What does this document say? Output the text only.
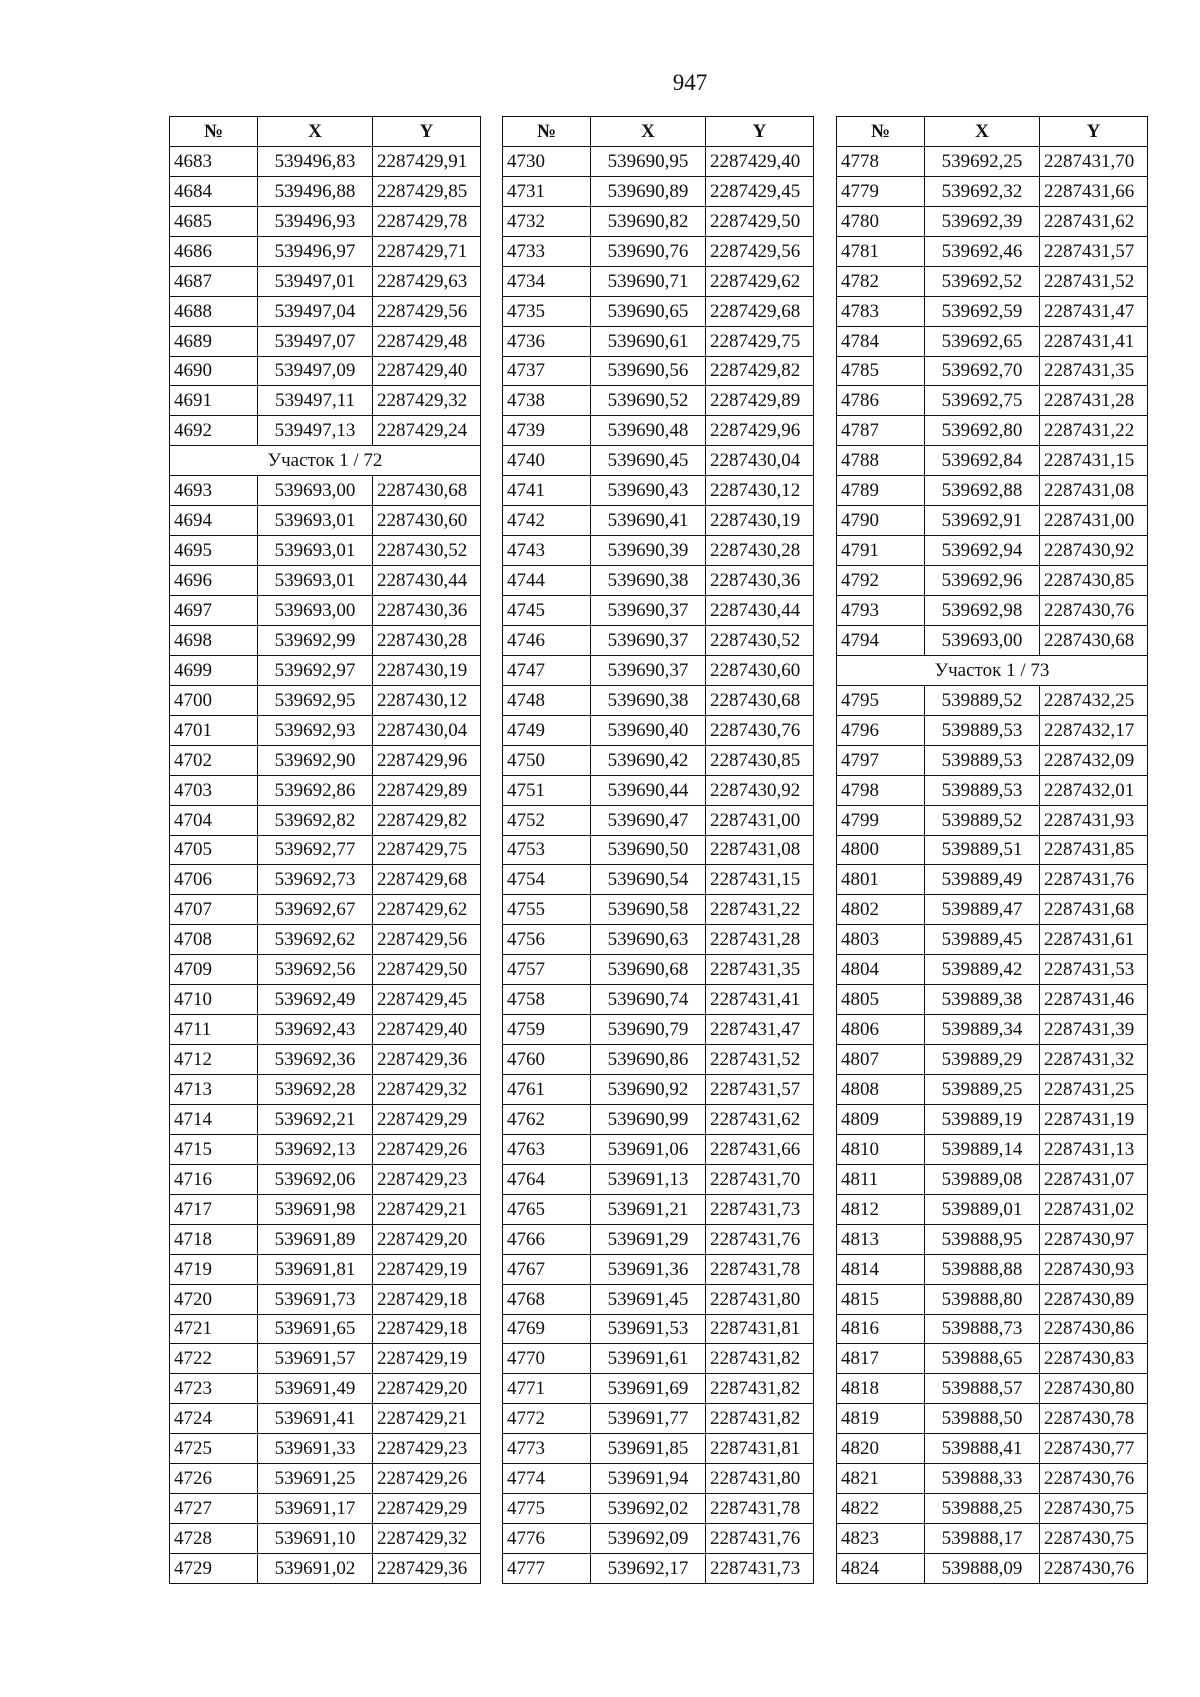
947
№	X	Y
4683	539496,83	2287429,91
4684	539496,88	2287429,85
4685	539496,93	2287429,78
4686	539496,97	2287429,71
4687	539497,01	2287429,63
4688	539497,04	2287429,56
4689	539497,07	2287429,48
4690	539497,09	2287429,40
4691	539497,11	2287429,32
4692	539497,13	2287429,24
Участок 1 / 72		
4693	539693,00	2287430,68
4694	539693,01	2287430,60
4695	539693,01	2287430,52
4696	539693,01	2287430,44
4697	539693,00	2287430,36
4698	539692,99	2287430,28
4699	539692,97	2287430,19
4700	539692,95	2287430,12
4701	539692,93	2287430,04
4702	539692,90	2287429,96
4703	539692,86	2287429,89
4704	539692,82	2287429,82
4705	539692,77	2287429,75
4706	539692,73	2287429,68
4707	539692,67	2287429,62
4708	539692,62	2287429,56
4709	539692,56	2287429,50
4710	539692,49	2287429,45
4711	539692,43	2287429,40
4712	539692,36	2287429,36
4713	539692,28	2287429,32
4714	539692,21	2287429,29
4715	539692,13	2287429,26
4716	539692,06	2287429,23
4717	539691,98	2287429,21
4718	539691,89	2287429,20
4719	539691,81	2287429,19
4720	539691,73	2287429,18
4721	539691,65	2287429,18
4722	539691,57	2287429,19
4723	539691,49	2287429,20
4724	539691,41	2287429,21
4725	539691,33	2287429,23
4726	539691,25	2287429,26
4727	539691,17	2287429,29
4728	539691,10	2287429,32
4729	539691,02	2287429,36
№	X	Y
4730	539690,95	2287429,40
4731	539690,89	2287429,45
4732	539690,82	2287429,50
4733	539690,76	2287429,56
4734	539690,71	2287429,62
4735	539690,65	2287429,68
4736	539690,61	2287429,75
4737	539690,56	2287429,82
4738	539690,52	2287429,89
4739	539690,48	2287429,96
4740	539690,45	2287430,04
4741	539690,43	2287430,12
4742	539690,41	2287430,19
4743	539690,39	2287430,28
4744	539690,38	2287430,36
4745	539690,37	2287430,44
4746	539690,37	2287430,52
4747	539690,37	2287430,60
4748	539690,38	2287430,68
4749	539690,40	2287430,76
4750	539690,42	2287430,85
4751	539690,44	2287430,92
4752	539690,47	2287431,00
4753	539690,50	2287431,08
4754	539690,54	2287431,15
4755	539690,58	2287431,22
4756	539690,63	2287431,28
4757	539690,68	2287431,35
4758	539690,74	2287431,41
4759	539690,79	2287431,47
4760	539690,86	2287431,52
4761	539690,92	2287431,57
4762	539690,99	2287431,62
4763	539691,06	2287431,66
4764	539691,13	2287431,70
4765	539691,21	2287431,73
4766	539691,29	2287431,76
4767	539691,36	2287431,78
4768	539691,45	2287431,80
4769	539691,53	2287431,81
4770	539691,61	2287431,82
4771	539691,69	2287431,82
4772	539691,77	2287431,82
4773	539691,85	2287431,81
4774	539691,94	2287431,80
4775	539692,02	2287431,78
4776	539692,09	2287431,76
4777	539692,17	2287431,73
№	X	Y
4778	539692,25	2287431,70
4779	539692,32	2287431,66
4780	539692,39	2287431,62
4781	539692,46	2287431,57
4782	539692,52	2287431,52
4783	539692,59	2287431,47
4784	539692,65	2287431,41
4785	539692,70	2287431,35
4786	539692,75	2287431,28
4787	539692,80	2287431,22
4788	539692,84	2287431,15
4789	539692,88	2287431,08
4790	539692,91	2287431,00
4791	539692,94	2287430,92
4792	539692,96	2287430,85
4793	539692,98	2287430,76
4794	539693,00	2287430,68
Участок 1 / 73		
4795	539889,52	2287432,25
4796	539889,53	2287432,17
4797	539889,53	2287432,09
4798	539889,53	2287432,01
4799	539889,52	2287431,93
4800	539889,51	2287431,85
4801	539889,49	2287431,76
4802	539889,47	2287431,68
4803	539889,45	2287431,61
4804	539889,42	2287431,53
4805	539889,38	2287431,46
4806	539889,34	2287431,39
4807	539889,29	2287431,32
4808	539889,25	2287431,25
4809	539889,19	2287431,19
4810	539889,14	2287431,13
4811	539889,08	2287431,07
4812	539889,01	2287431,02
4813	539888,95	2287430,97
4814	539888,88	2287430,93
4815	539888,80	2287430,89
4816	539888,73	2287430,86
4817	539888,65	2287430,83
4818	539888,57	2287430,80
4819	539888,50	2287430,78
4820	539888,41	2287430,77
4821	539888,33	2287430,76
4822	539888,25	2287430,75
4823	539888,17	2287430,75
4824	539888,09	2287430,76
